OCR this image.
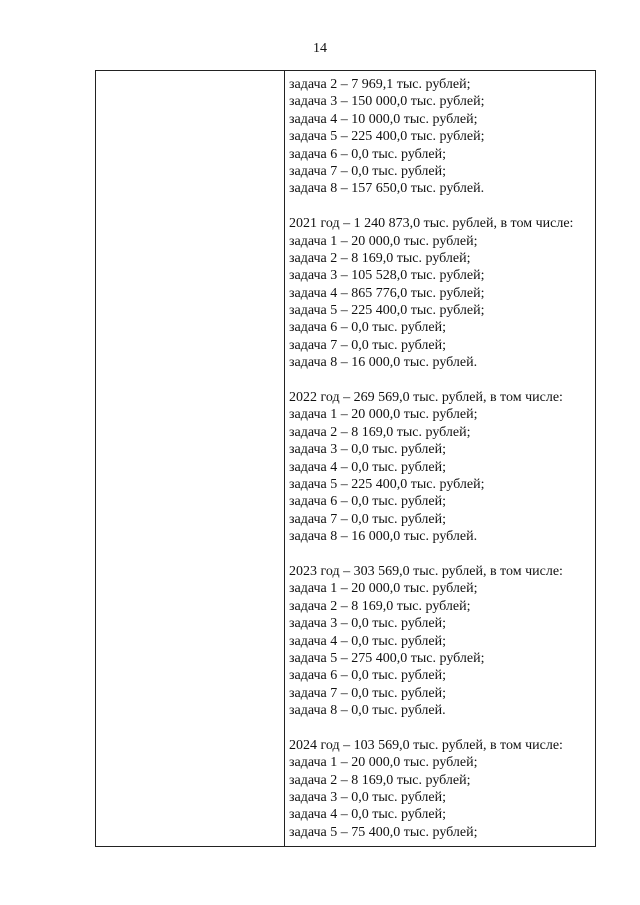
14
задача 2 – 7 969,1 тыс. рублей;
задача 3 – 150 000,0 тыс. рублей;
задача 4 – 10 000,0 тыс. рублей;
задача 5 – 225 400,0 тыс. рублей;
задача 6 – 0,0 тыс. рублей;
задача 7 – 0,0 тыс. рублей;
задача 8 – 157 650,0 тыс. рублей.
2021 год – 1 240 873,0 тыс. рублей, в том числе:
задача 1 – 20 000,0 тыс. рублей;
задача 2 – 8 169,0 тыс. рублей;
задача 3 – 105 528,0 тыс. рублей;
задача 4 – 865 776,0 тыс. рублей;
задача 5 – 225 400,0 тыс. рублей;
задача 6 – 0,0 тыс. рублей;
задача 7 – 0,0 тыс. рублей;
задача 8 – 16 000,0 тыс. рублей.
2022 год – 269 569,0 тыс. рублей, в том числе:
задача 1 – 20 000,0 тыс. рублей;
задача 2 – 8 169,0 тыс. рублей;
задача 3 – 0,0 тыс. рублей;
задача 4 – 0,0 тыс. рублей;
задача 5 – 225 400,0 тыс. рублей;
задача 6 – 0,0 тыс. рублей;
задача 7 – 0,0 тыс. рублей;
задача 8 – 16 000,0 тыс. рублей.
2023 год – 303 569,0 тыс. рублей, в том числе:
задача 1 – 20 000,0 тыс. рублей;
задача 2 – 8 169,0 тыс. рублей;
задача 3 – 0,0 тыс. рублей;
задача 4 – 0,0 тыс. рублей;
задача 5 – 275 400,0 тыс. рублей;
задача 6 – 0,0 тыс. рублей;
задача 7 – 0,0 тыс. рублей;
задача 8 – 0,0 тыс. рублей.
2024 год – 103 569,0 тыс. рублей, в том числе:
задача 1 – 20 000,0 тыс. рублей;
задача 2 – 8 169,0 тыс. рублей;
задача 3 – 0,0 тыс. рублей;
задача 4 – 0,0 тыс. рублей;
задача 5 – 75 400,0 тыс. рублей;
